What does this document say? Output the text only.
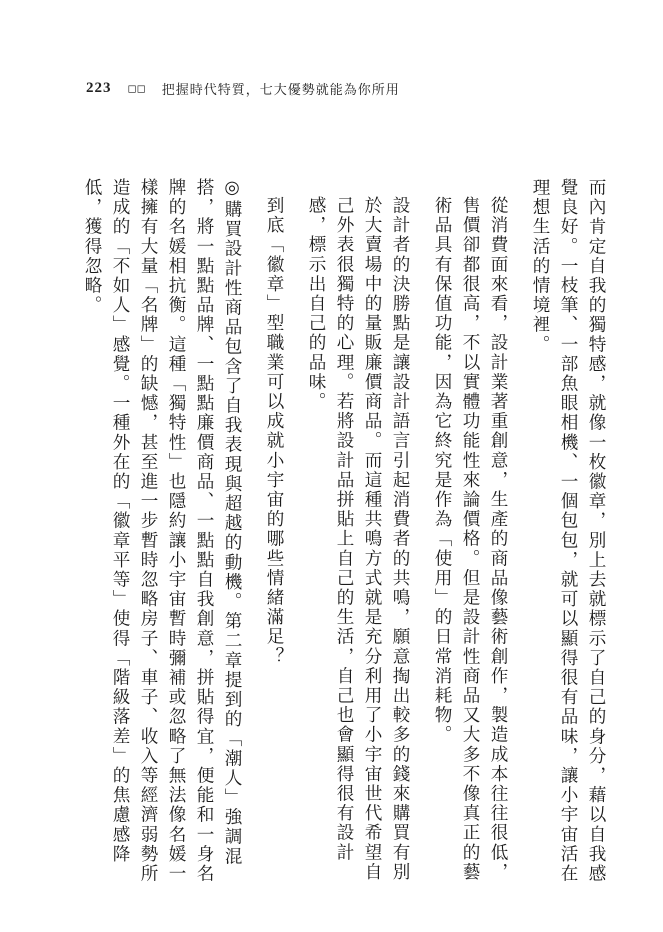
223 ◻◻ 把握時代特質，七大優勢就能為你所用

而內肯定自我的獨特感，就像一枚徽章，別上去就標示了自己的身分，藉以自我感覺良好。一枝筆、一部魚眼相機、一個包包，就可以顯得很有品味，讓小宇宙活在理想生活的情境裡。

從消費面來看，設計業著重創意，生產的商品像藝術創作，製造成本往往很低，售價卻都很高，不以實體功能性來論價格。但是設計性商品又大多不像真正的藝術品具有保值功能，因為它終究是作為「使用」的日常消耗物。

設計者的決勝點是讓設計語言引起消費者的共鳴，願意掏出較多的錢來購買有別於大賣場中的量販廉價商品。而這種共鳴方式就是充分利用了小宇宙世代希望自己外表很獨特的心理。若將設計品拼貼上自己的生活，自己也會顯得很有設計感，標示出自己的品味。

到底「徽章」型職業可以成就小宇宙的哪些情緒滿足？

◎購買設計性商品包含了自我表現與超越的動機。第二章提到的「潮人」強調混搭，將一點點品牌、一點點廉價商品、一點點自我創意，拼貼得宜，便能和一身名牌的名媛相抗衡。這種「獨特性」也隱約讓小宇宙暫時彌補或忽略了無法像名媛一樣擁有大量「名牌」的缺憾，甚至進一步暫時忽略房子、車子、收入等經濟弱勢所造成的「不如人」感覺。一種外在的「徽章平等」使得「階級落差」的焦慮感降低，獲得忽略。
